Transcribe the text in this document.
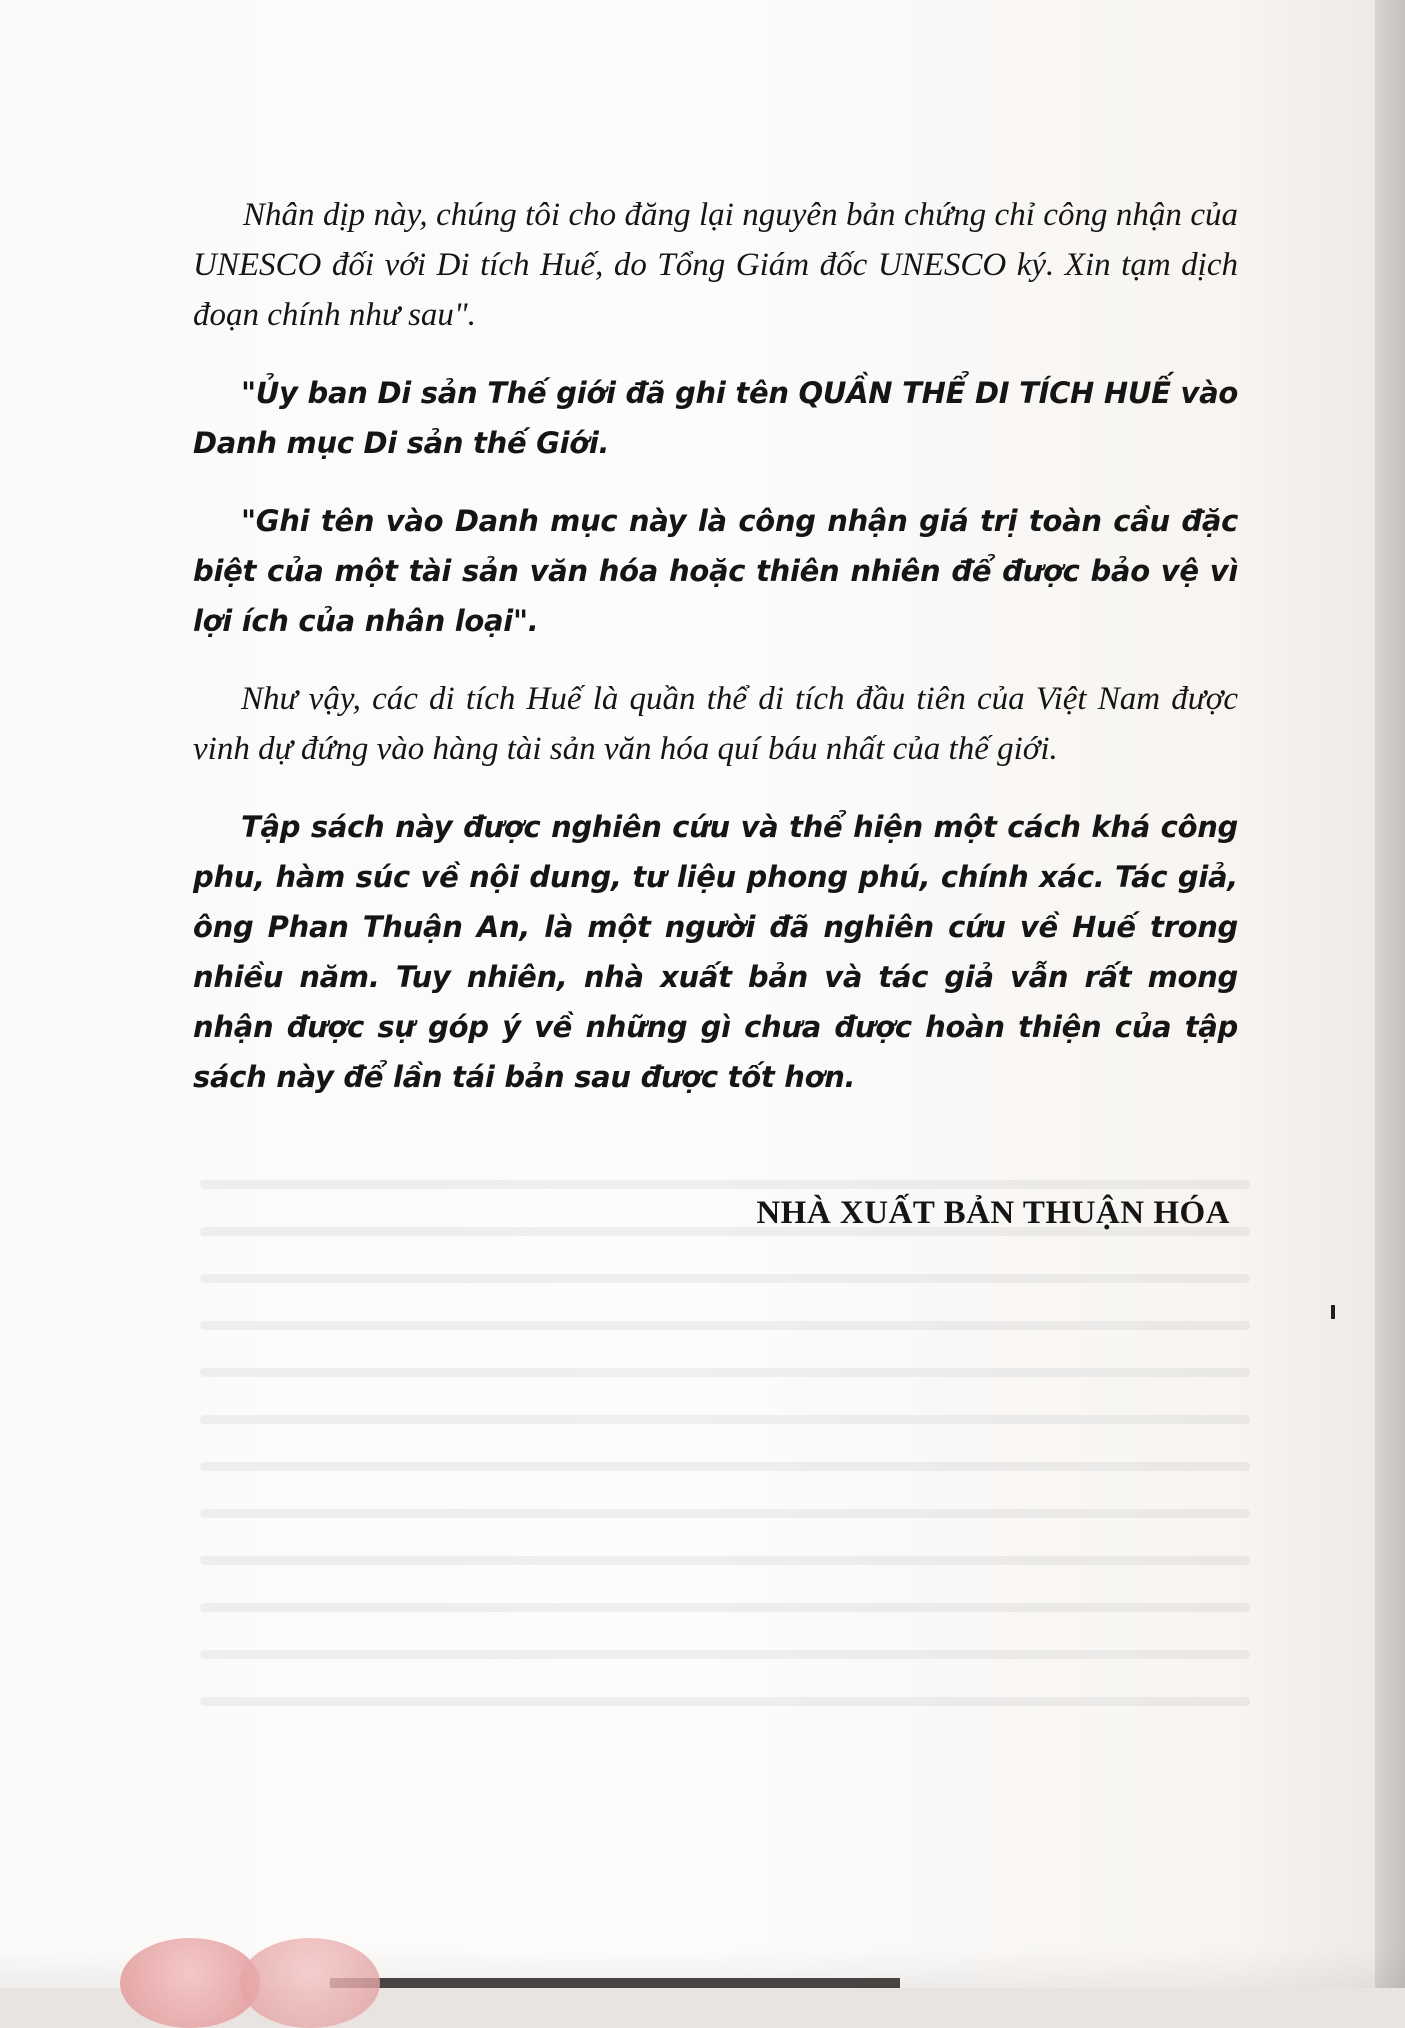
Nhân dịp này, chúng tôi cho đăng lại nguyên bản chứng chỉ công nhận của UNESCO đối với Di tích Huế, do Tổng Giám đốc UNESCO ký. Xin tạm dịch đoạn chính như sau".

"Ủy ban Di sản Thế giới đã ghi tên QUẦN THỂ DI TÍCH HUẾ vào Danh mục Di sản thế Giới.

"Ghi tên vào Danh mục này là công nhận giá trị toàn cầu đặc biệt của một tài sản văn hóa hoặc thiên nhiên để được bảo vệ vì lợi ích của nhân loại".

Như vậy, các di tích Huế là quần thể di tích đầu tiên của Việt Nam được vinh dự đứng vào hàng tài sản văn hóa quí báu nhất của thế giới.

Tập sách này được nghiên cứu và thể hiện một cách khá công phu, hàm súc về nội dung, tư liệu phong phú, chính xác. Tác giả, ông Phan Thuận An, là một người đã nghiên cứu về Huế trong nhiều năm. Tuy nhiên, nhà xuất bản và tác giả vẫn rất mong nhận được sự góp ý về những gì chưa được hoàn thiện của tập sách này để lần tái bản sau được tốt hơn.

NHÀ XUẤT BẢN THUẬN HÓA
